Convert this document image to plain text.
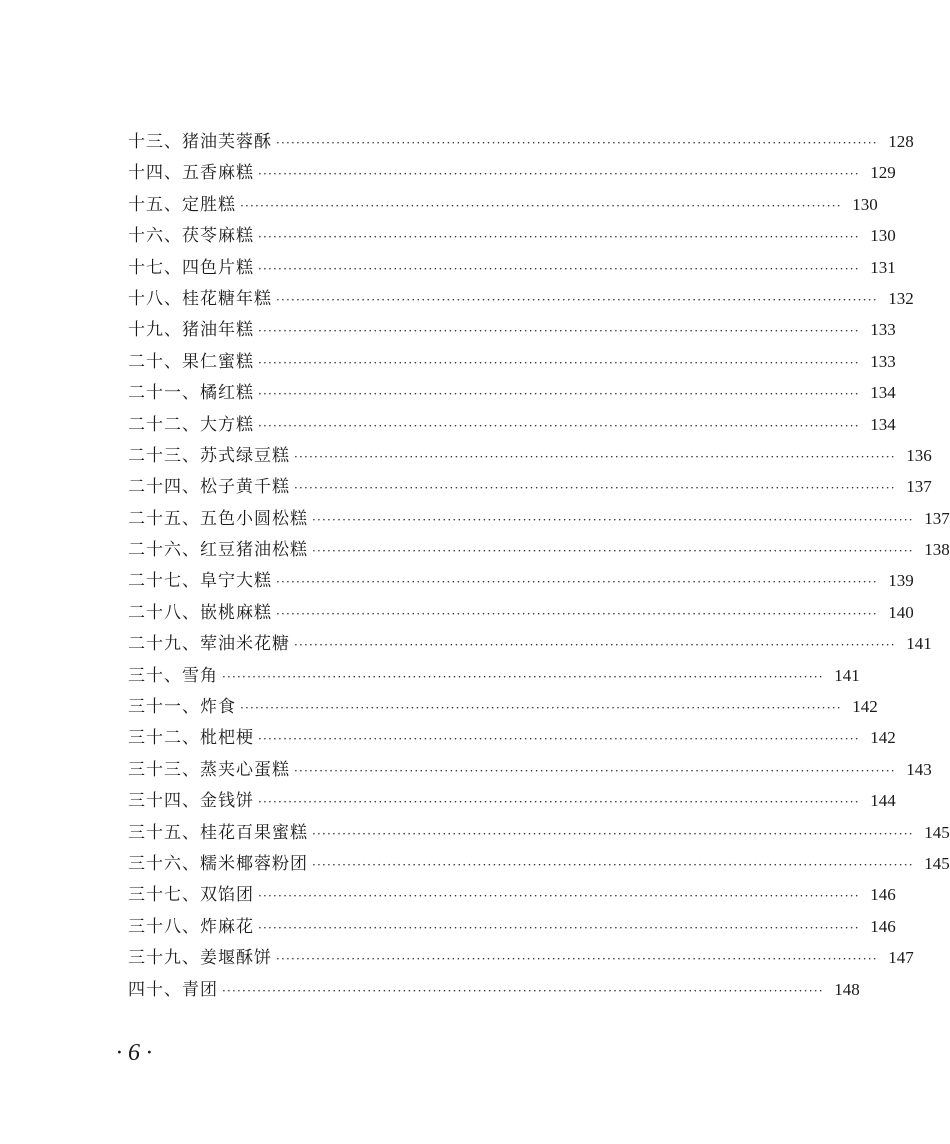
十三、猪油芙蓉酥 ························································································································ 128
十四、五香麻糕 ························································································································ 129
十五、定胜糕 ························································································································ 130
十六、茯苓麻糕 ························································································································ 130
十七、四色片糕 ························································································································ 131
十八、桂花糖年糕 ························································································································ 132
十九、猪油年糕 ························································································································ 133
二十、果仁蜜糕 ························································································································ 133
二十一、橘红糕 ························································································································ 134
二十二、大方糕 ························································································································ 134
二十三、苏式绿豆糕 ························································································································ 136
二十四、松子黄千糕 ························································································································ 137
二十五、五色小圆松糕 ························································································································ 137
二十六、红豆猪油松糕 ························································································································ 138
二十七、阜宁大糕 ························································································································ 139
二十八、嵌桃麻糕 ························································································································ 140
二十九、荤油米花糖 ························································································································ 141
三十、雪角 ························································································································ 141
三十一、炸食 ························································································································ 142
三十二、枇杷梗 ························································································································ 142
三十三、蒸夹心蛋糕 ························································································································ 143
三十四、金钱饼 ························································································································ 144
三十五、桂花百果蜜糕 ························································································································ 145
三十六、糯米椰蓉粉团 ························································································································ 145
三十七、双馅团 ························································································································ 146
三十八、炸麻花 ························································································································ 146
三十九、姜堰酥饼 ························································································································ 147
四十、青团 ························································································································ 148
· 6 ·
